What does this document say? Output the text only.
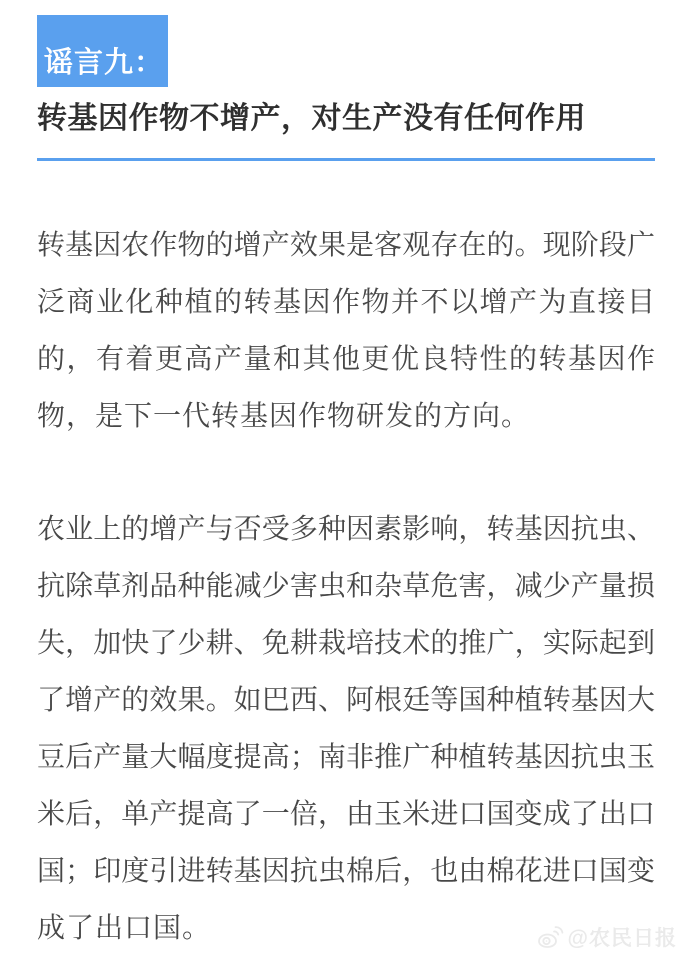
谣言九：
转基因作物不增产，对生产没有任何作用
转基因农作物的增产效果是客观存在的。现阶段广
泛商业化种植的转基因作物并不以增产为直接目
的，有着更高产量和其他更优良特性的转基因作
物，是下一代转基因作物研发的方向。
农业上的增产与否受多种因素影响，转基因抗虫、
抗除草剂品种能减少害虫和杂草危害，减少产量损
失，加快了少耕、免耕栽培技术的推广，实际起到
了增产的效果。如巴西、阿根廷等国种植转基因大
豆后产量大幅度提高；南非推广种植转基因抗虫玉
米后，单产提高了一倍，由玉米进口国变成了出口
国；印度引进转基因抗虫棉后，也由棉花进口国变
成了出口国。	@农民日报
